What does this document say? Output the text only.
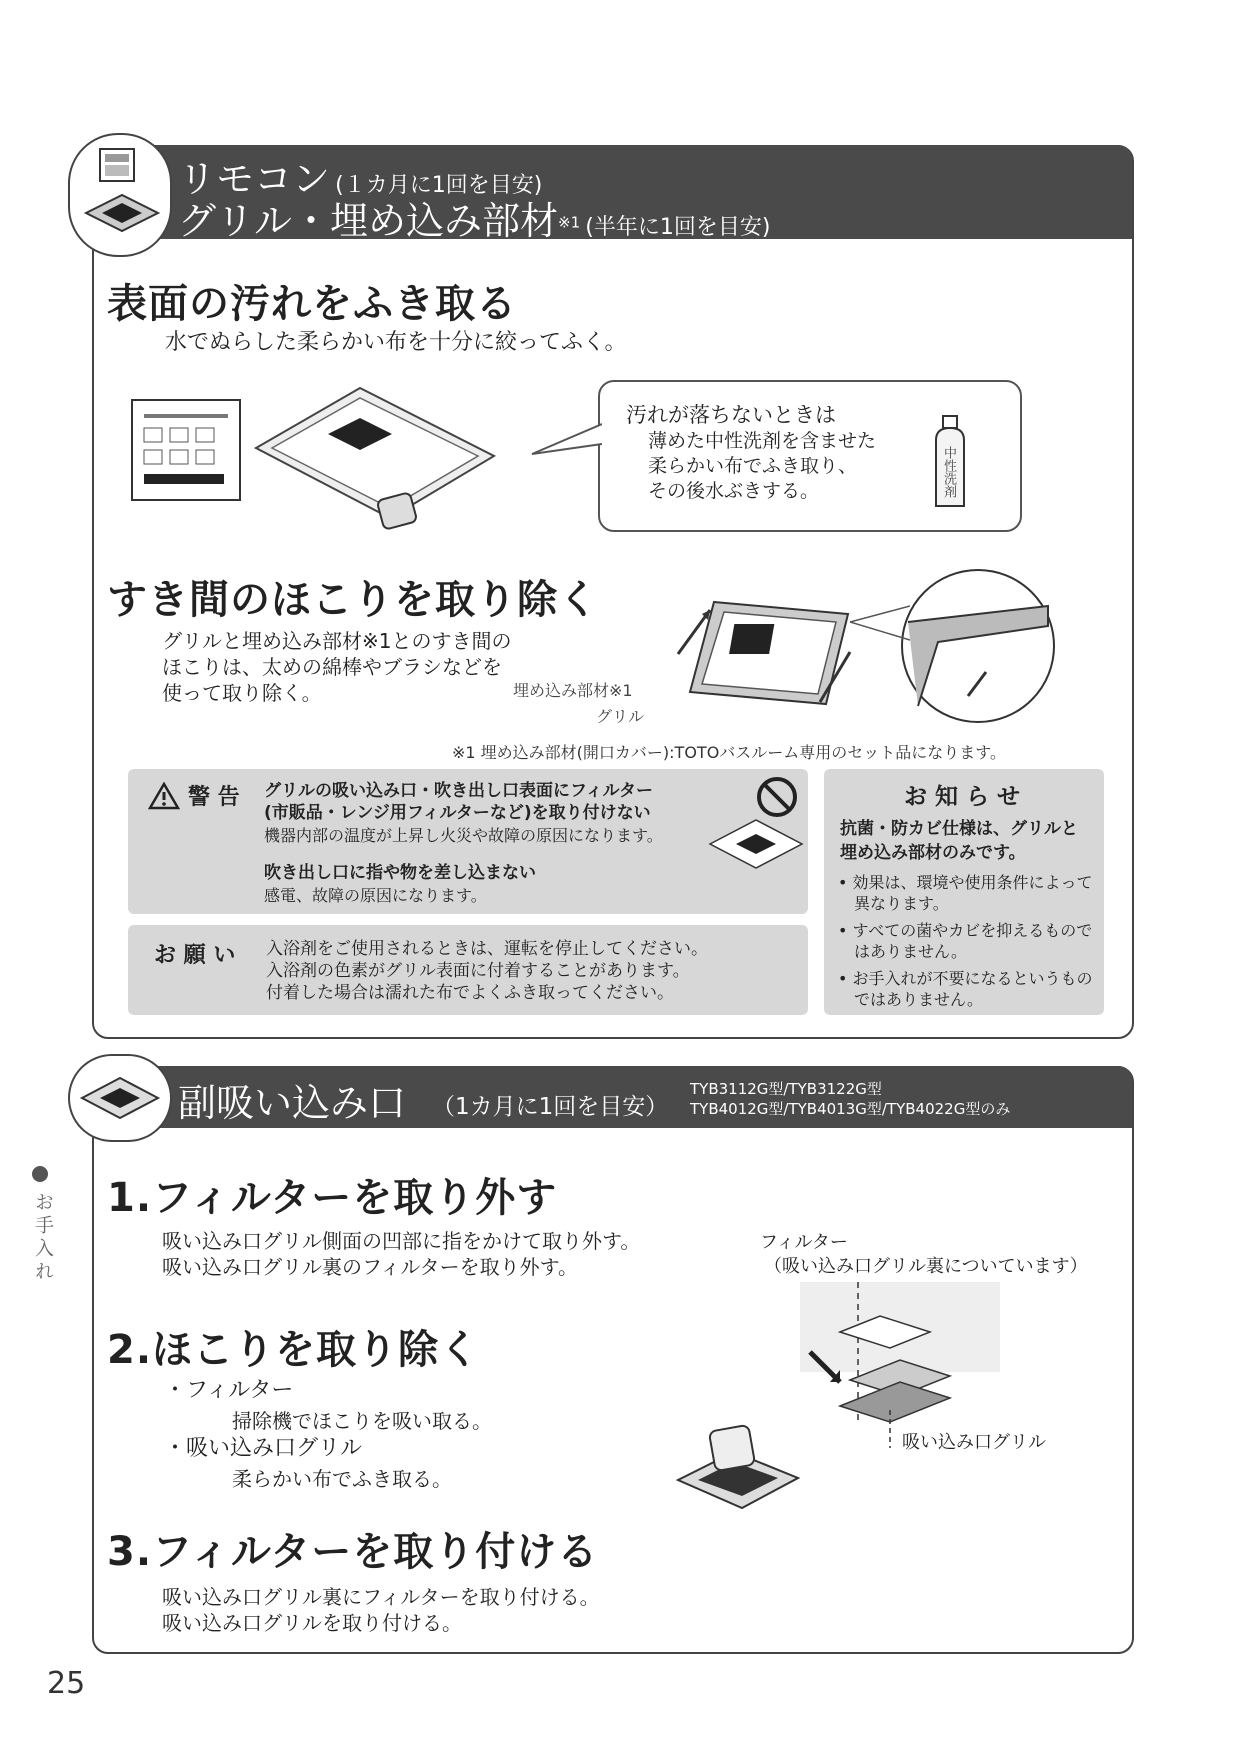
リモコン (１カ月に1回を目安)
グリル・埋め込み部材$^{※1}$ (半年に1回を目安)
表面の汚れをふき取る
水でぬらした柔らかい布を十分に絞ってふく。
汚れが落ちないときは
薄めた中性洗剤を含ませた
柔らかい布でふき取り、
その後水ぶきする。	中性洗剤
すき間のほこりを取り除く
グリルと埋め込み部材※1とのすき間の
ほこりは、太めの綿棒やブラシなどを
使って取り除く。	埋め込み部材※1
グリル
※1 埋め込み部材(開口カバー):TOTOバスルーム専用のセット品になります。
警 告 グリルの吸い込み口・吹き出し口表面にフィルター
(市販品・レンジ用フィルターなど)を取り付けない
機器内部の温度が上昇し火災や故障の原因になります。
吹き出し口に指や物を差し込まない
感電、故障の原因になります。
お 願 い 入浴剤をご使用されるときは、運転を停止してください。
入浴剤の色素がグリル表面に付着することがあります。
付着した場合は濡れた布でよくふき取ってください。
お 知 ら せ
抗菌・防カビ仕様は、グリルと
埋め込み部材のみです。
• 効果は、環境や使用条件によって
異なります。
• すべての菌やカビを抑えるもので
はありません。
• お手入れが不要になるというもの
ではありません。
副吸い込み口 （1カ月に1回を目安）
TYB3112G型/TYB3122G型
TYB4012G型/TYB4013G型/TYB4022G型のみ
1.フィルターを取り外す
吸い込み口グリル側面の凹部に指をかけて取り外す。
吸い込み口グリル裏のフィルターを取り外す。
2.ほこりを取り除く
・フィルター
掃除機でほこりを吸い取る。
・吸い込み口グリル
柔らかい布でふき取る。
3.フィルターを取り付ける
吸い込み口グリル裏にフィルターを取り付ける。
吸い込み口グリルを取り付ける。
フィルター
（吸い込み口グリル裏についています）
吸い込み口グリル
お手入れ
25
